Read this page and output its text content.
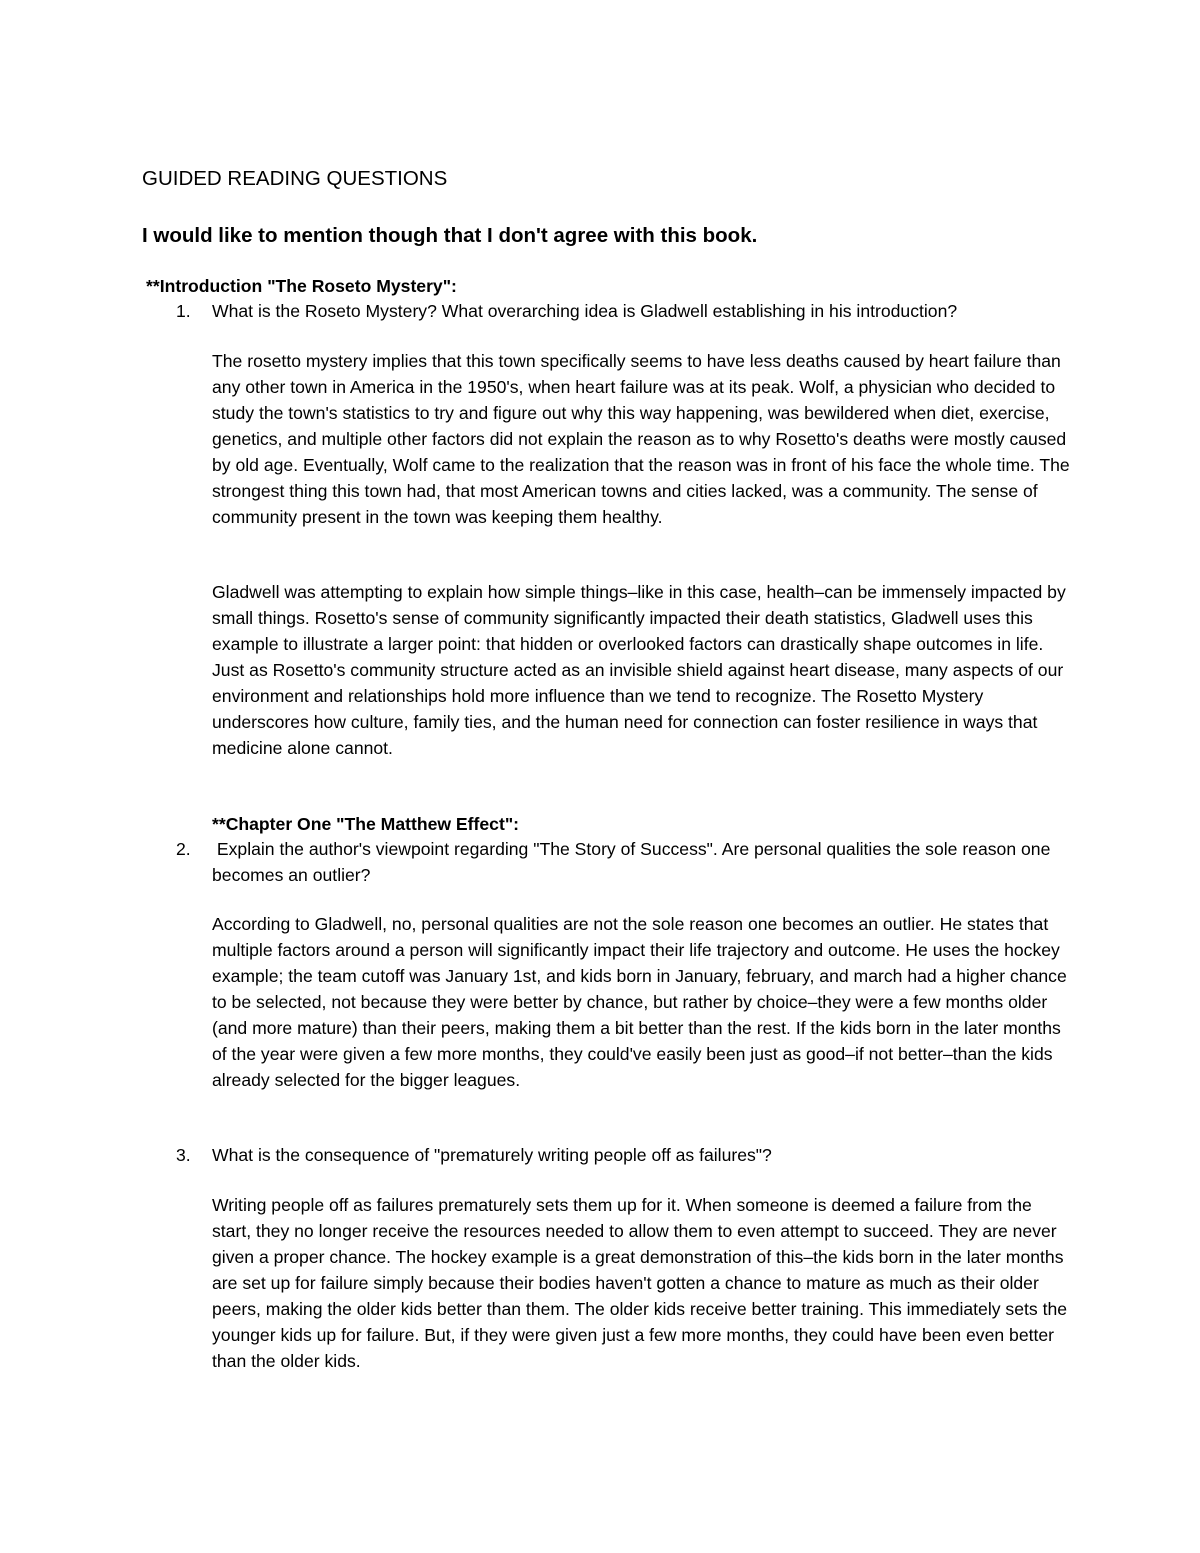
GUIDED READING QUESTIONS
I would like to mention though that I don't agree with this book.
**Introduction "The Roseto Mystery":
1. What is the Roseto Mystery? What overarching idea is Gladwell establishing in his introduction?
The rosetto mystery implies that this town specifically seems to have less deaths caused by heart failure than any other town in America in the 1950's, when heart failure was at its peak. Wolf, a physician who decided to study the town's statistics to try and figure out why this way happening, was bewildered when diet, exercise, genetics, and multiple other factors did not explain the reason as to why Rosetto's deaths were mostly caused by old age. Eventually, Wolf came to the realization that the reason was in front of his face the whole time. The strongest thing this town had, that most American towns and cities lacked, was a community. The sense of community present in the town was keeping them healthy.
Gladwell was attempting to explain how simple things–like in this case, health–can be immensely impacted by small things. Rosetto's sense of community significantly impacted their death statistics, Gladwell uses this example to illustrate a larger point: that hidden or overlooked factors can drastically shape outcomes in life. Just as Rosetto's community structure acted as an invisible shield against heart disease, many aspects of our environment and relationships hold more influence than we tend to recognize. The Rosetto Mystery underscores how culture, family ties, and the human need for connection can foster resilience in ways that medicine alone cannot.
**Chapter One "The Matthew Effect":
2. Explain the author's viewpoint regarding "The Story of Success". Are personal qualities the sole reason one becomes an outlier?
According to Gladwell, no, personal qualities are not the sole reason one becomes an outlier. He states that multiple factors around a person will significantly impact their life trajectory and outcome. He uses the hockey example; the team cutoff was January 1st, and kids born in January, february, and march had a higher chance to be selected, not because they were better by chance, but rather by choice–they were a few months older (and more mature) than their peers, making them a bit better than the rest. If the kids born in the later months of the year were given a few more months, they could've easily been just as good–if not better–than the kids already selected for the bigger leagues.
3. What is the consequence of "prematurely writing people off as failures"?
Writing people off as failures prematurely sets them up for it. When someone is deemed a failure from the start, they no longer receive the resources needed to allow them to even attempt to succeed. They are never given a proper chance. The hockey example is a great demonstration of this–the kids born in the later months are set up for failure simply because their bodies haven't gotten a chance to mature as much as their older peers, making the older kids better than them. The older kids receive better training. This immediately sets the younger kids up for failure. But, if they were given just a few more months, they could have been even better than the older kids.
